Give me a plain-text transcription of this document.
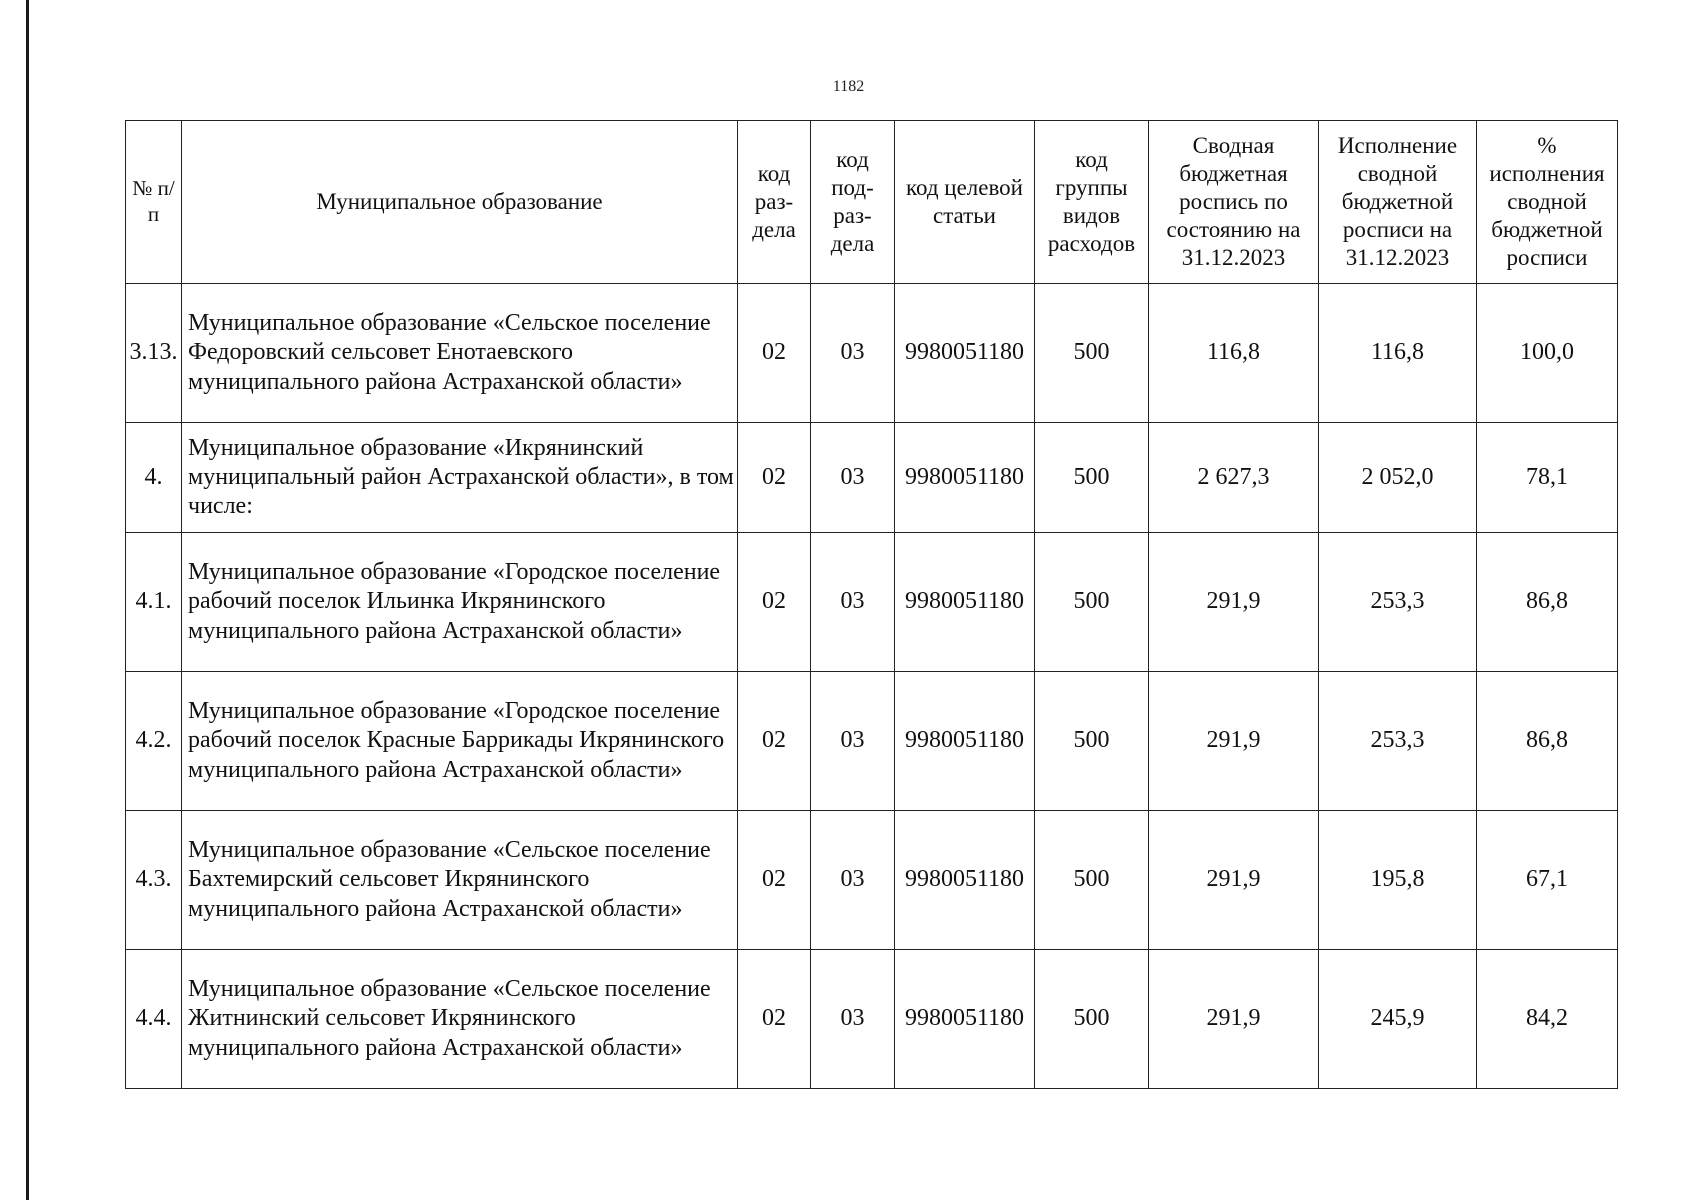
1182
№ п/п	Муниципальное образование	код раз-дела	код под-раз-дела	код целевой статьи	код группы видов расходов	Сводная бюджетная роспись по состоянию на 31.12.2023	Исполнение сводной бюджетной росписи на 31.12.2023	% исполнения сводной бюджетной росписи
3.13.	Муниципальное образование «Сельское поселение Федоровский сельсовет Енотаевского муниципального района Астраханской области»	02	03	9980051180	500	116,8	116,8	100,0
4.	Муниципальное образование «Икрянинский муниципальный район Астраханской области», в том числе:	02	03	9980051180	500	2 627,3	2 052,0	78,1
4.1.	Муниципальное образование «Городское поселение рабочий поселок Ильинка Икрянинского муниципального района Астраханской области»	02	03	9980051180	500	291,9	253,3	86,8
4.2.	Муниципальное образование «Городское поселение рабочий поселок Красные Баррикады Икрянинского муниципального района Астраханской области»	02	03	9980051180	500	291,9	253,3	86,8
4.3.	Муниципальное образование «Сельское поселение Бахтемирский сельсовет Икрянинского муниципального района Астраханской области»	02	03	9980051180	500	291,9	195,8	67,1
4.4.	Муниципальное образование «Сельское поселение Житнинский сельсовет Икрянинского муниципального района Астраханской области»	02	03	9980051180	500	291,9	245,9	84,2
